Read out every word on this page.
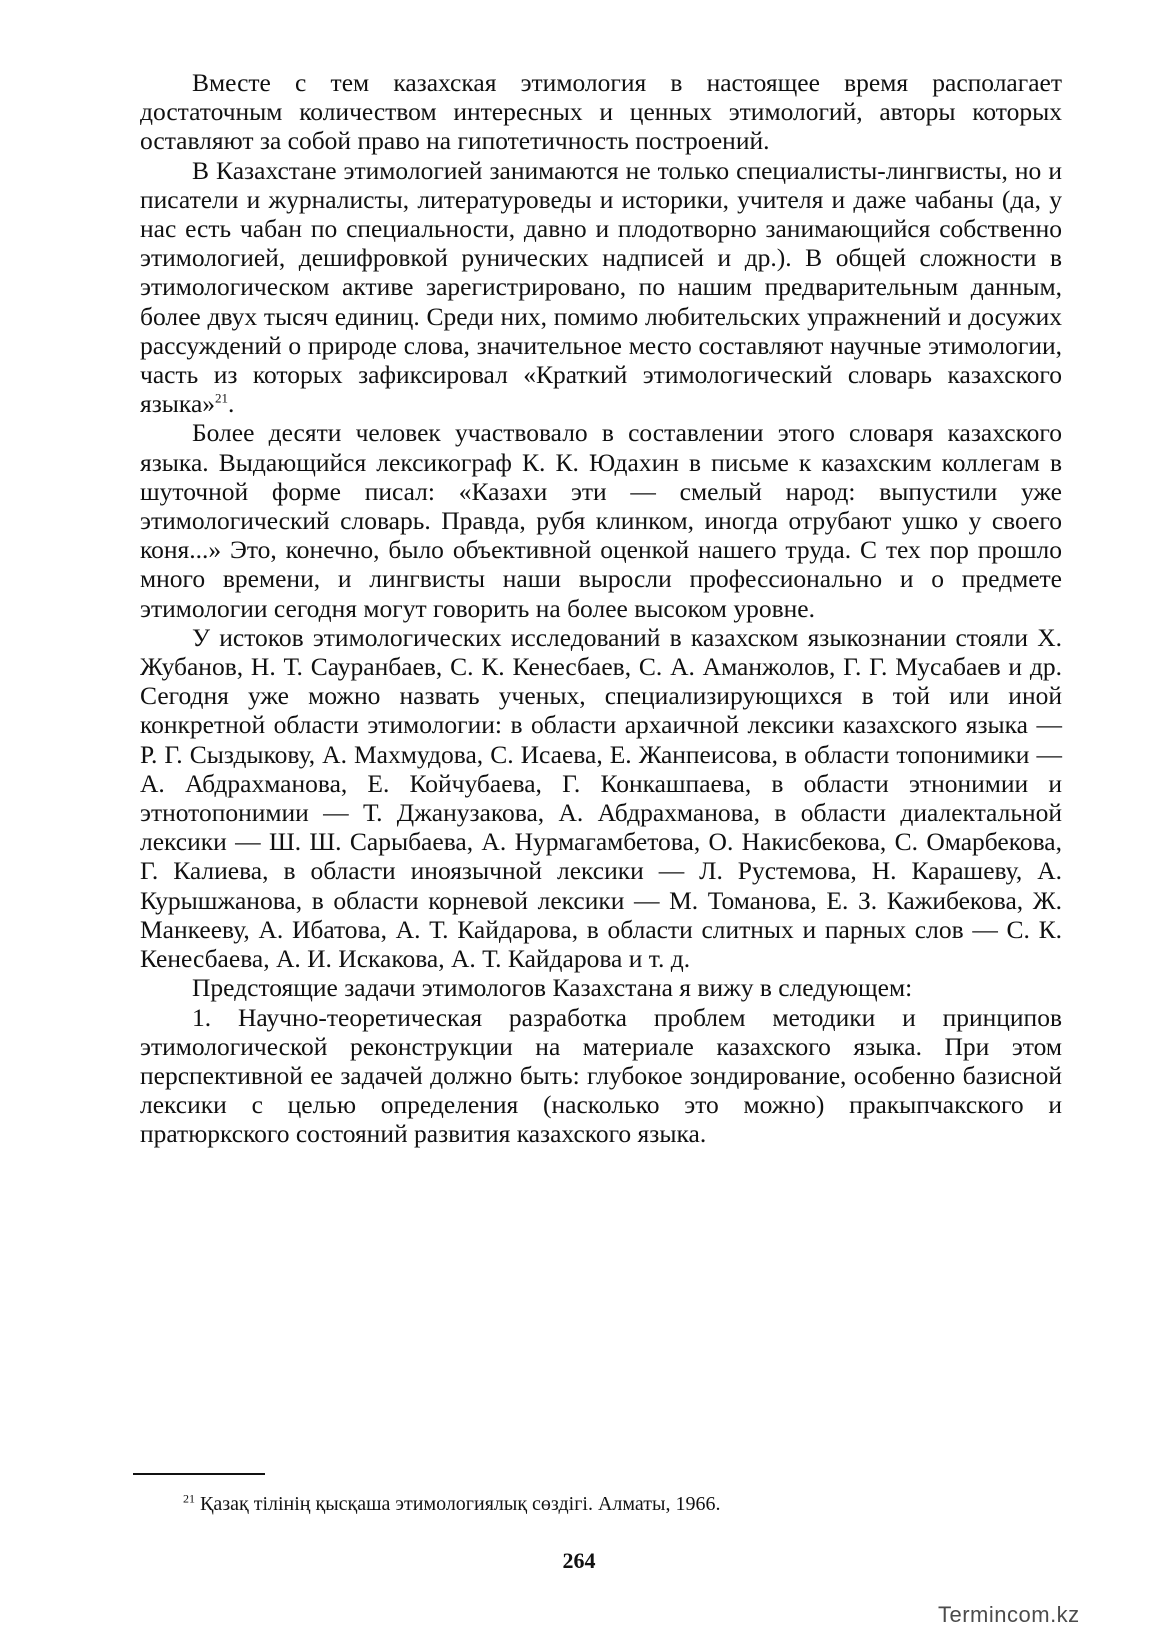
Вместе с тем казахская этимология в настоящее время располагает достаточным количеством интересных и ценных этимологий, авторы которых оставляют за собой право на гипотетичность построений.

В Казахстане этимологией занимаются не только специалисты-лингвисты, но и писатели и журналисты, литературоведы и историки, учителя и даже чабаны (да, у нас есть чабан по специальности, давно и плодотворно занимающийся собственно этимологией, дешифровкой рунических надписей и др.). В общей сложности в этимологическом активе зарегистрировано, по нашим предварительным данным, более двух тысяч единиц. Среди них, помимо любительских упражнений и досужих рассуждений о природе слова, значительное место составляют научные этимологии, часть из которых зафиксировал «Краткий этимологический словарь казахского языка»$^{21}$.

Более десяти человек участвовало в составлении этого словаря казахского языка. Выдающийся лексикограф К. К. Юдахин в письме к казахским коллегам в шуточной форме писал: «Казахи эти — смелый народ: выпустили уже этимологический словарь. Правда, рубя клинком, иногда отрубают ушко у своего коня...» Это, конечно, было объективной оценкой нашего труда. С тех пор прошло много времени, и лингвисты наши выросли профессионально и о предмете этимологии сегодня могут говорить на более высоком уровне.

У истоков этимологических исследований в казахском языкознании стояли Х. Жубанов, Н. Т. Сауранбаев, С. К. Кенесбаев, С. А. Аманжолов, Г. Г. Мусабаев и др. Сегодня уже можно назвать ученых, специализирующихся в той или иной конкретной области этимологии: в области архаичной лексики казахского языка — Р. Г. Сыздыкову, А. Махмудова, С. Исаева, Е. Жанпеисова, в области топонимики — А. Абдрахманова, Е. Койчубаева, Г. Конкашпаева, в области этнонимии и этнотопонимии — Т. Джанузакова, А. Абдрахманова, в области диалектальной лексики — Ш. Ш. Сарыбаева, А. Нурмагамбетова, О. Накисбекова, С. Омарбекова, Г. Калиева, в области иноязычной лексики — Л. Рустемова, Н. Карашеву, А. Курышжанова, в области корневой лексики — М. Томанова, Е. З. Кажибекова, Ж. Манкееву, А. Ибатова, А. Т. Кайдарова, в области слитных и парных слов — С. К. Кенесбаева, А. И. Искакова, А. Т. Кайдарова и т. д.

Предстоящие задачи этимологов Казахстана я вижу в следующем:

1. Научно-теоретическая разработка проблем методики и принципов этимологической реконструкции на материале казахского языка. При этом перспективной ее задачей должно быть: глубокое зондирование, особенно базисной лексики с целью определения (насколько это можно) пракыпчакского и пратюркского состояний развития казахского языка.

$^{21}$ Қазақ тілінің қысқаша этимологиялық сөздігі. Алматы, 1966.
264
Termincom.kz
